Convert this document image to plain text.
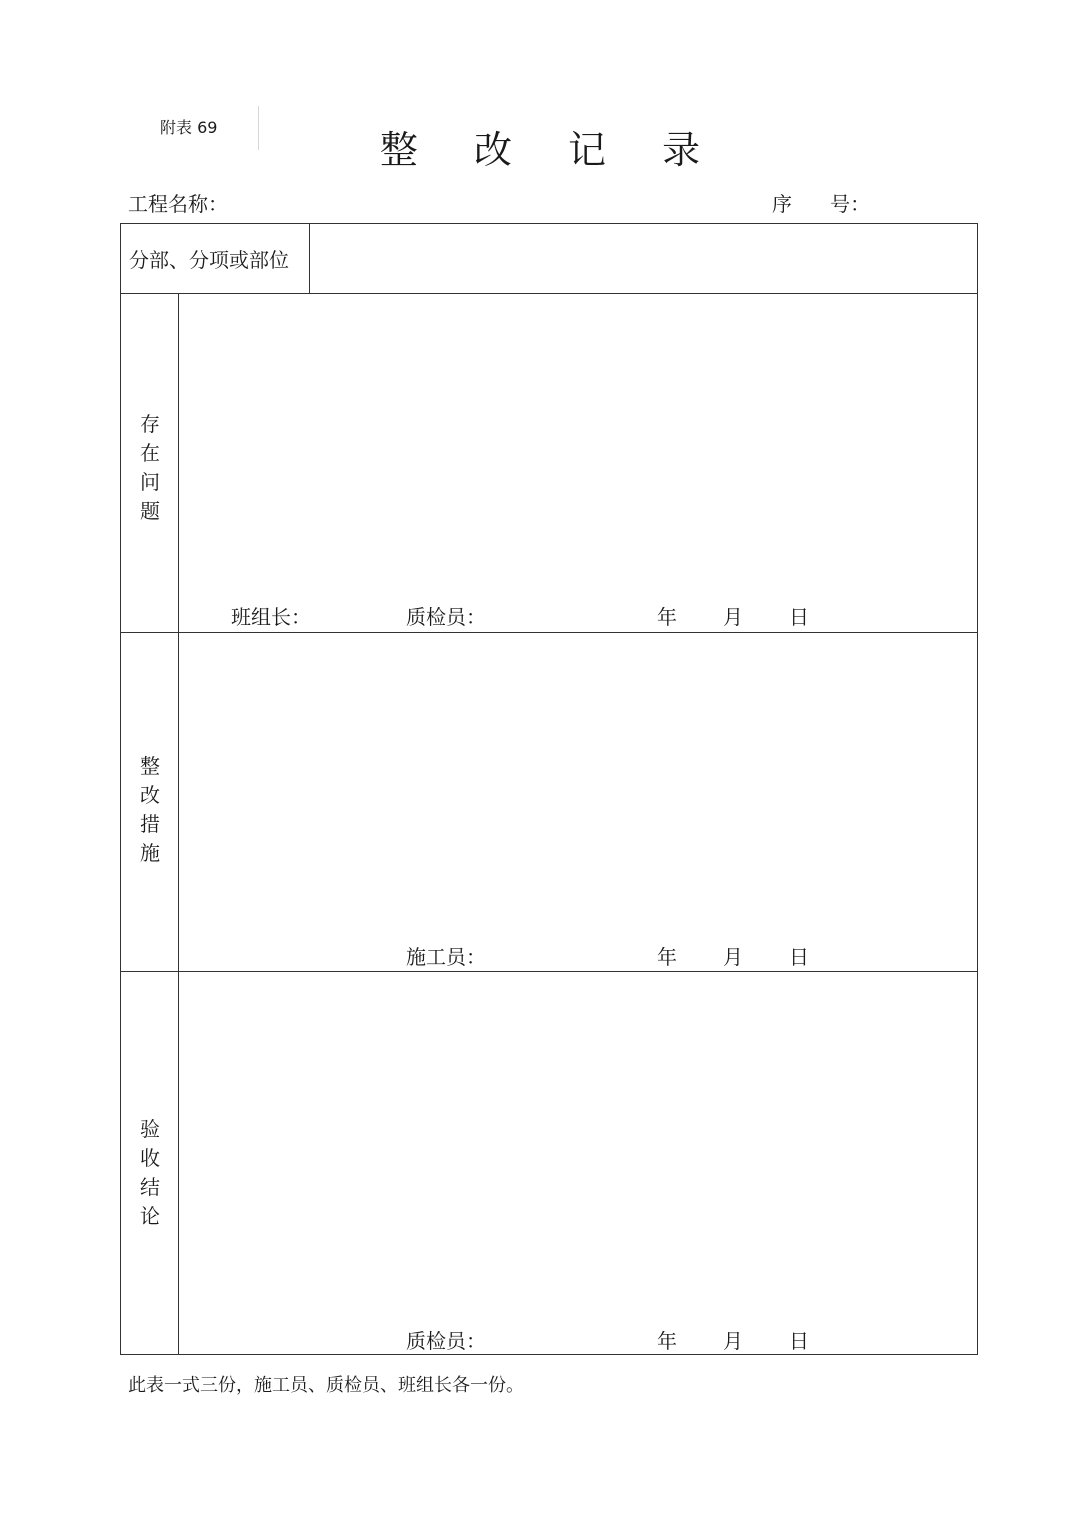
附表 69
整 改 记 录
工程名称：	序      号：
分部、分项或部位
存
在
问
题
班组长：	质检员：	年 月 日
整
改
措
施
施工员：	年 月 日
验
收
结
论
质检员：	年 月 日
此表一式三份，施工员、质检员、班组长各一份。
